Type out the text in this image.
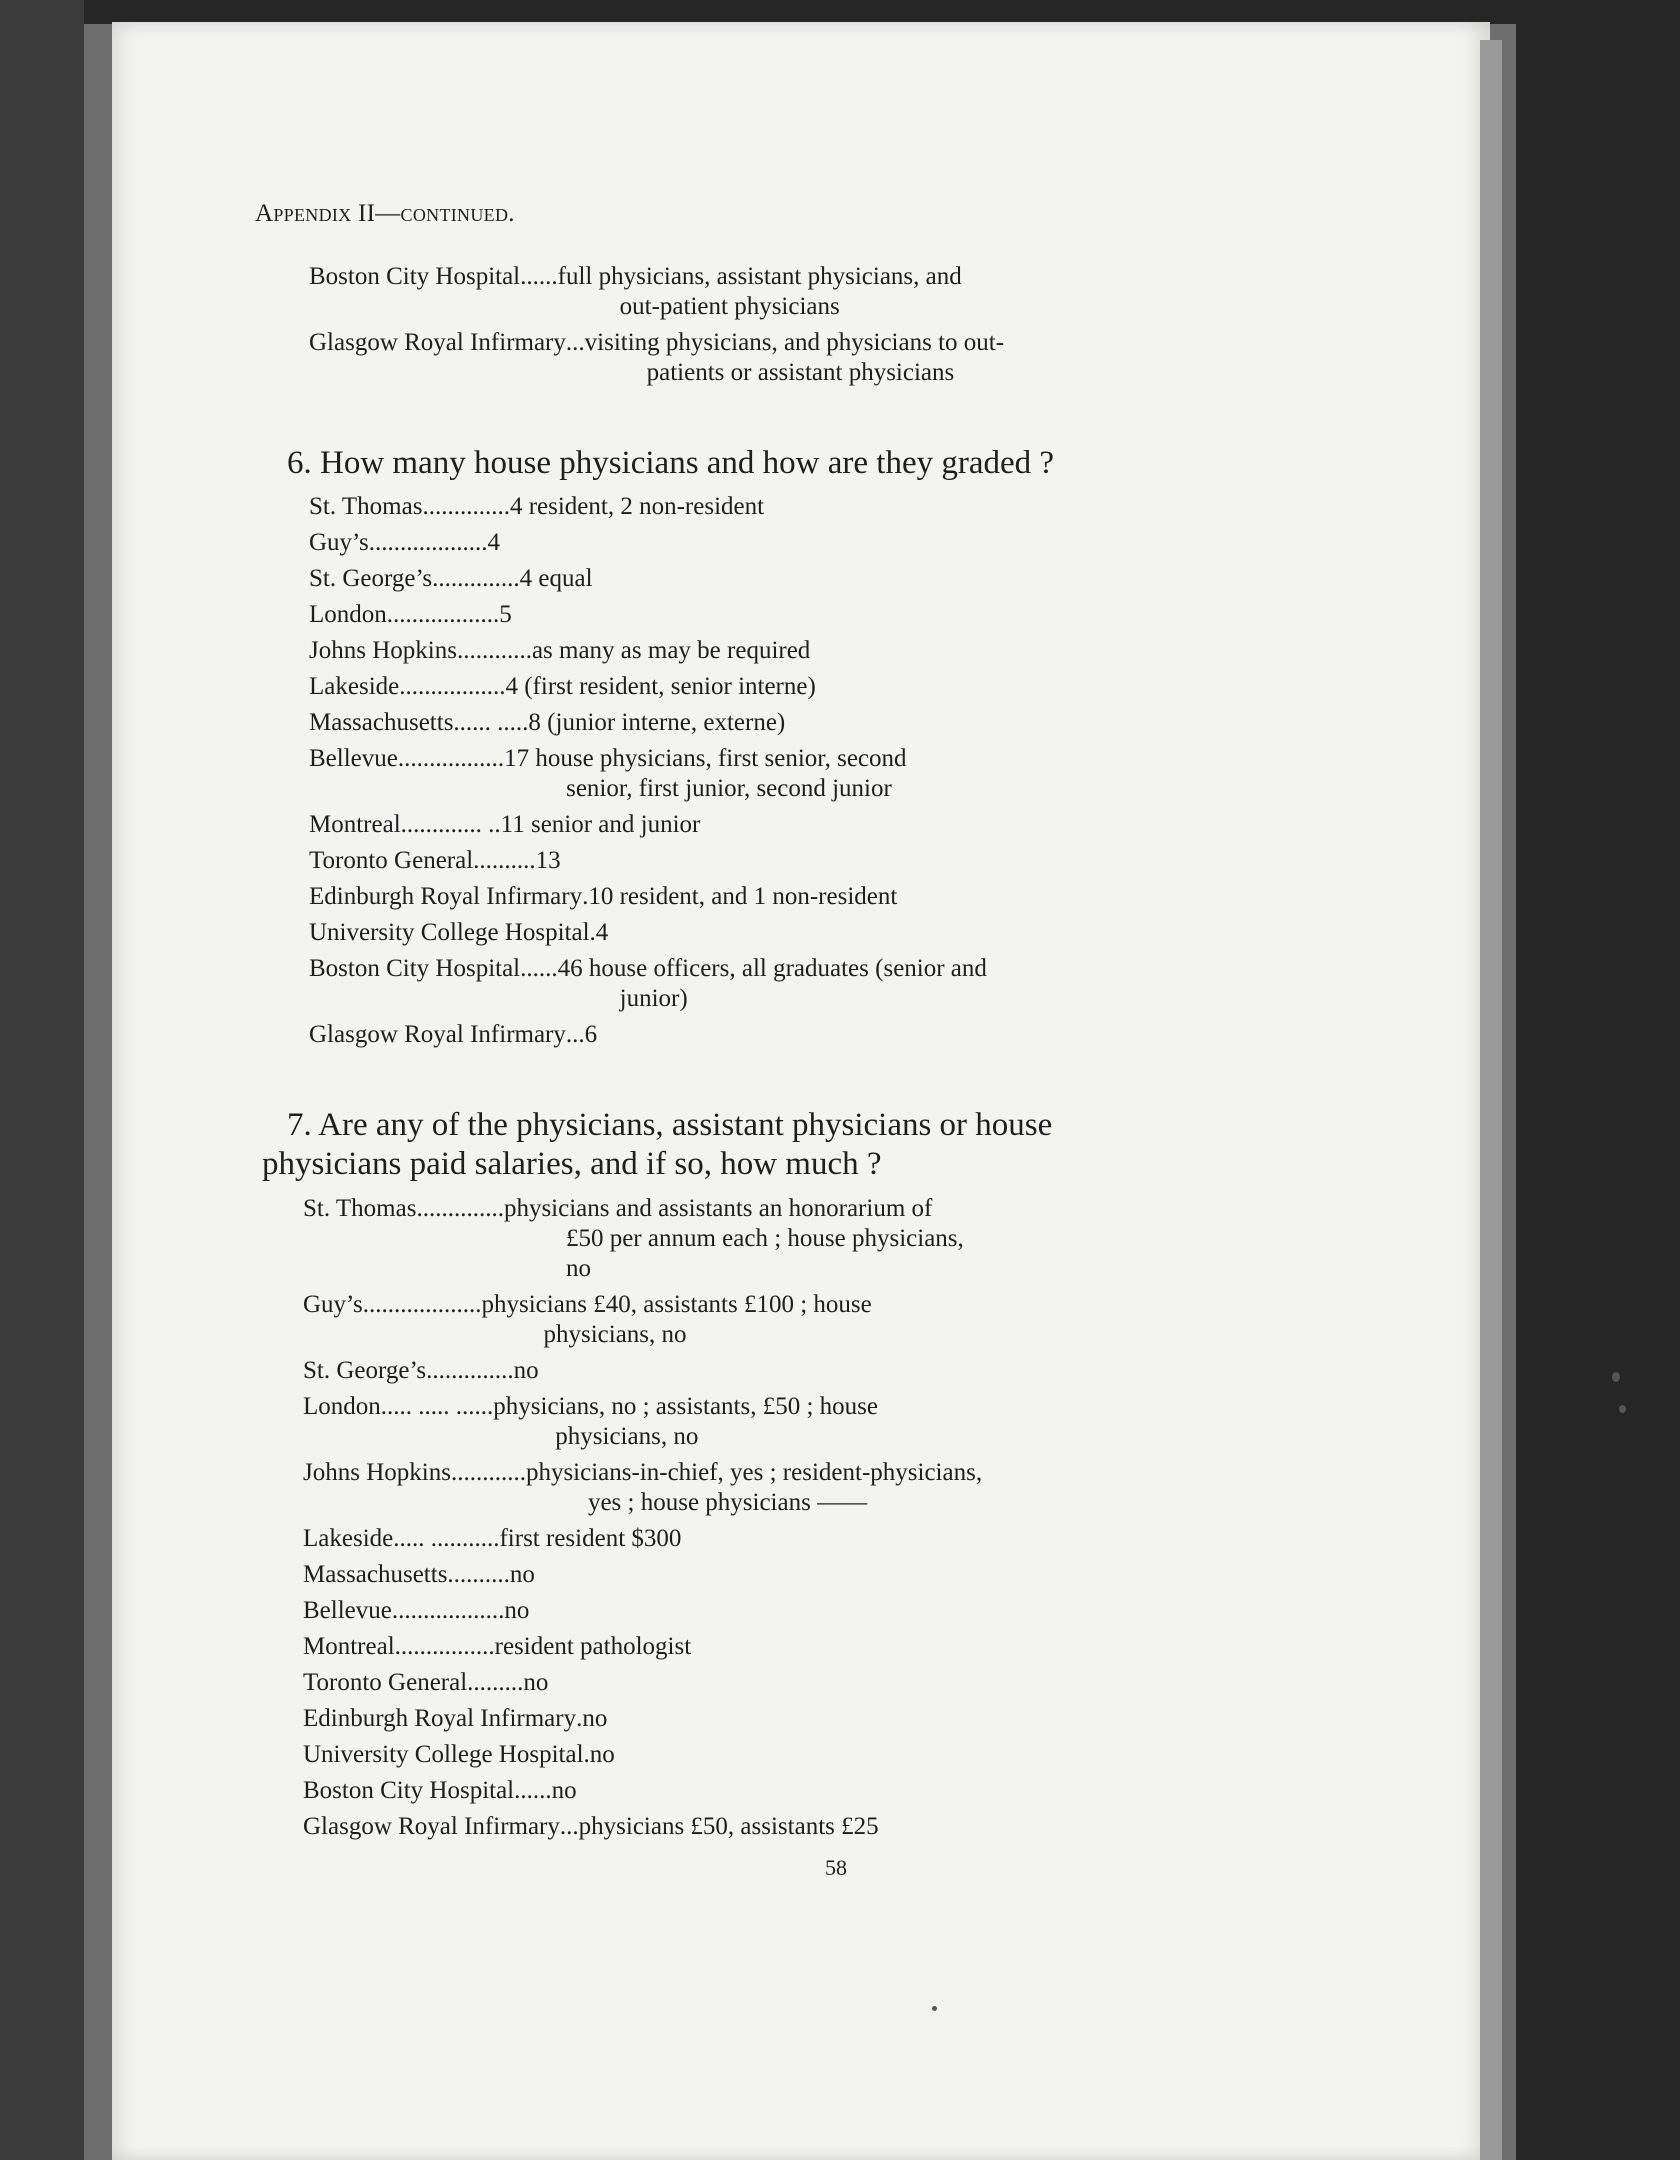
Appendix II—continued.
Boston City Hospital ...... full physicians, assistant physicians, and
out-patient physicians
Glasgow Royal Infirmary ... visiting physicians, and physicians to out-
patients or assistant physicians
6. How many house physicians and how are they graded ?
St. Thomas .............. 4 resident, 2 non-resident
Guy’s ................... 4
St. George’s .............. 4 equal
London .................. 5
Johns Hopkins ............ as many as may be required
Lakeside ................. 4 (first resident, senior interne)
Massachusetts ...... ..... 8 (junior interne, externe)
Bellevue ................. 17 house physicians, first senior, second
senior, first junior, second junior
Montreal ............. .. 11 senior and junior
Toronto General .......... 13
Edinburgh Royal Infirmary . 10 resident, and 1 non-resident
University College Hospital . 4
Boston City Hospital ...... 46 house officers, all graduates (senior and
junior)
Glasgow Royal Infirmary ... 6
7. Are any of the physicians, assistant physicians or house
physicians paid salaries, and if so, how much ?
St. Thomas .............. physicians and assistants an honorarium of
£50 per annum each ; house physicians,
no
Guy’s ................... physicians £40, assistants £100 ; house
physicians, no
St. George’s .............. no
London ..... ..... ...... physicians, no ; assistants, £50 ; house
physicians, no
Johns Hopkins ............ physicians-in-chief, yes ; resident-physicians,
yes ; house physicians ——
Lakeside ..... ........... first resident $300
Massachusetts .......... no
Bellevue .................. no
Montreal ................ resident pathologist
Toronto General ......... no
Edinburgh Royal Infirmary . no
University College Hospital . no
Boston City Hospital ...... no
Glasgow Royal Infirmary ... physicians £50, assistants £25
58
